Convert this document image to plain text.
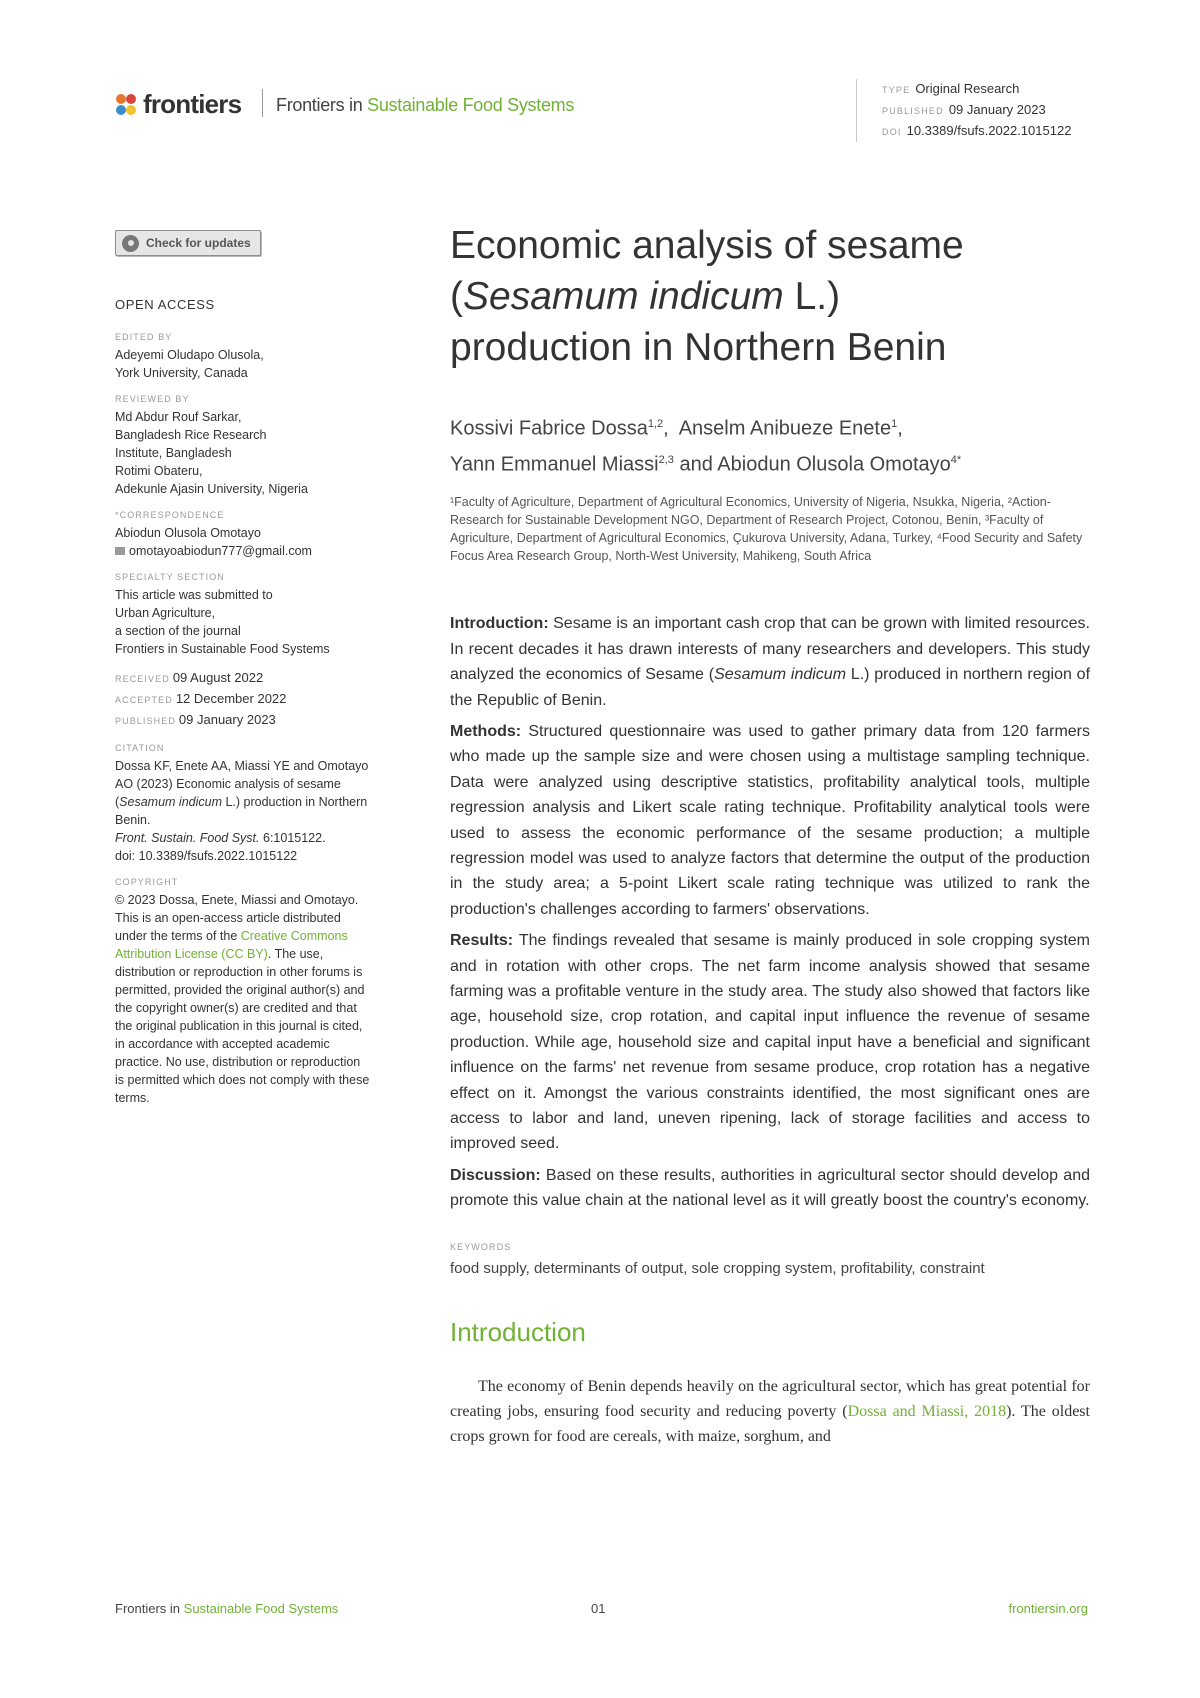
frontiers Frontiers in Sustainable Food Systems
TYPE Original Research
PUBLISHED 09 January 2023
DOI 10.3389/fsufs.2022.1015122
Check for updates
OPEN ACCESS
EDITED BY
Adeyemi Oludapo Olusola,
York University, Canada
REVIEWED BY
Md Abdur Rouf Sarkar,
Bangladesh Rice Research
Institute, Bangladesh
Rotimi Obateru,
Adekunle Ajasin University, Nigeria
*CORRESPONDENCE
Abiodun Olusola Omotayo
omotayoabiodun777@gmail.com
SPECIALTY SECTION
This article was submitted to
Urban Agriculture,
a section of the journal
Frontiers in Sustainable Food Systems
RECEIVED 09 August 2022
ACCEPTED 12 December 2022
PUBLISHED 09 January 2023
CITATION
Dossa KF, Enete AA, Miassi YE and Omotayo AO (2023) Economic analysis of sesame (Sesamum indicum L.) production in Northern Benin.
Front. Sustain. Food Syst. 6:1015122.
doi: 10.3389/fsufs.2022.1015122
COPYRIGHT
© 2023 Dossa, Enete, Miassi and Omotayo. This is an open-access article distributed under the terms of the Creative Commons Attribution License (CC BY). The use, distribution or reproduction in other forums is permitted, provided the original author(s) and the copyright owner(s) are credited and that the original publication in this journal is cited, in accordance with accepted academic practice. No use, distribution or reproduction is permitted which does not comply with these terms.
Economic analysis of sesame
(Sesamum indicum L.)
production in Northern Benin
Kossivi Fabrice Dossa$^{1,2}$,  Anselm Anibueze Enete$^1$,
Yann Emmanuel Miassi$^{2,3}$ and Abiodun Olusola Omotayo$^{4*}$
¹Faculty of Agriculture, Department of Agricultural Economics, University of Nigeria, Nsukka, Nigeria, ²Action-Research for Sustainable Development NGO, Department of Research Project, Cotonou, Benin, ³Faculty of Agriculture, Department of Agricultural Economics, Çukurova University, Adana, Turkey, ⁴Food Security and Safety Focus Area Research Group, North-West University, Mahikeng, South Africa
Introduction: Sesame is an important cash crop that can be grown with limited resources. In recent decades it has drawn interests of many researchers and developers. This study analyzed the economics of Sesame (Sesamum indicum L.) produced in northern region of the Republic of Benin.
Methods: Structured questionnaire was used to gather primary data from 120 farmers who made up the sample size and were chosen using a multistage sampling technique. Data were analyzed using descriptive statistics, profitability analytical tools, multiple regression analysis and Likert scale rating technique. Profitability analytical tools were used to assess the economic performance of the sesame production; a multiple regression model was used to analyze factors that determine the output of the production in the study area; a 5-point Likert scale rating technique was utilized to rank the production's challenges according to farmers' observations.
Results: The findings revealed that sesame is mainly produced in sole cropping system and in rotation with other crops. The net farm income analysis showed that sesame farming was a profitable venture in the study area. The study also showed that factors like age, household size, crop rotation, and capital input influence the revenue of sesame production. While age, household size and capital input have a beneficial and significant influence on the farms' net revenue from sesame produce, crop rotation has a negative effect on it. Amongst the various constraints identified, the most significant ones are access to labor and land, uneven ripening, lack of storage facilities and access to improved seed.
Discussion: Based on these results, authorities in agricultural sector should develop and promote this value chain at the national level as it will greatly boost the country's economy.
KEYWORDS
food supply, determinants of output, sole cropping system, profitability, constraint
Introduction

The economy of Benin depends heavily on the agricultural sector, which has great potential for creating jobs, ensuring food security and reducing poverty (Dossa and Miassi, 2018). The oldest crops grown for food are cereals, with maize, sorghum, and

Frontiers in Sustainable Food Systems	01	frontiersin.org
